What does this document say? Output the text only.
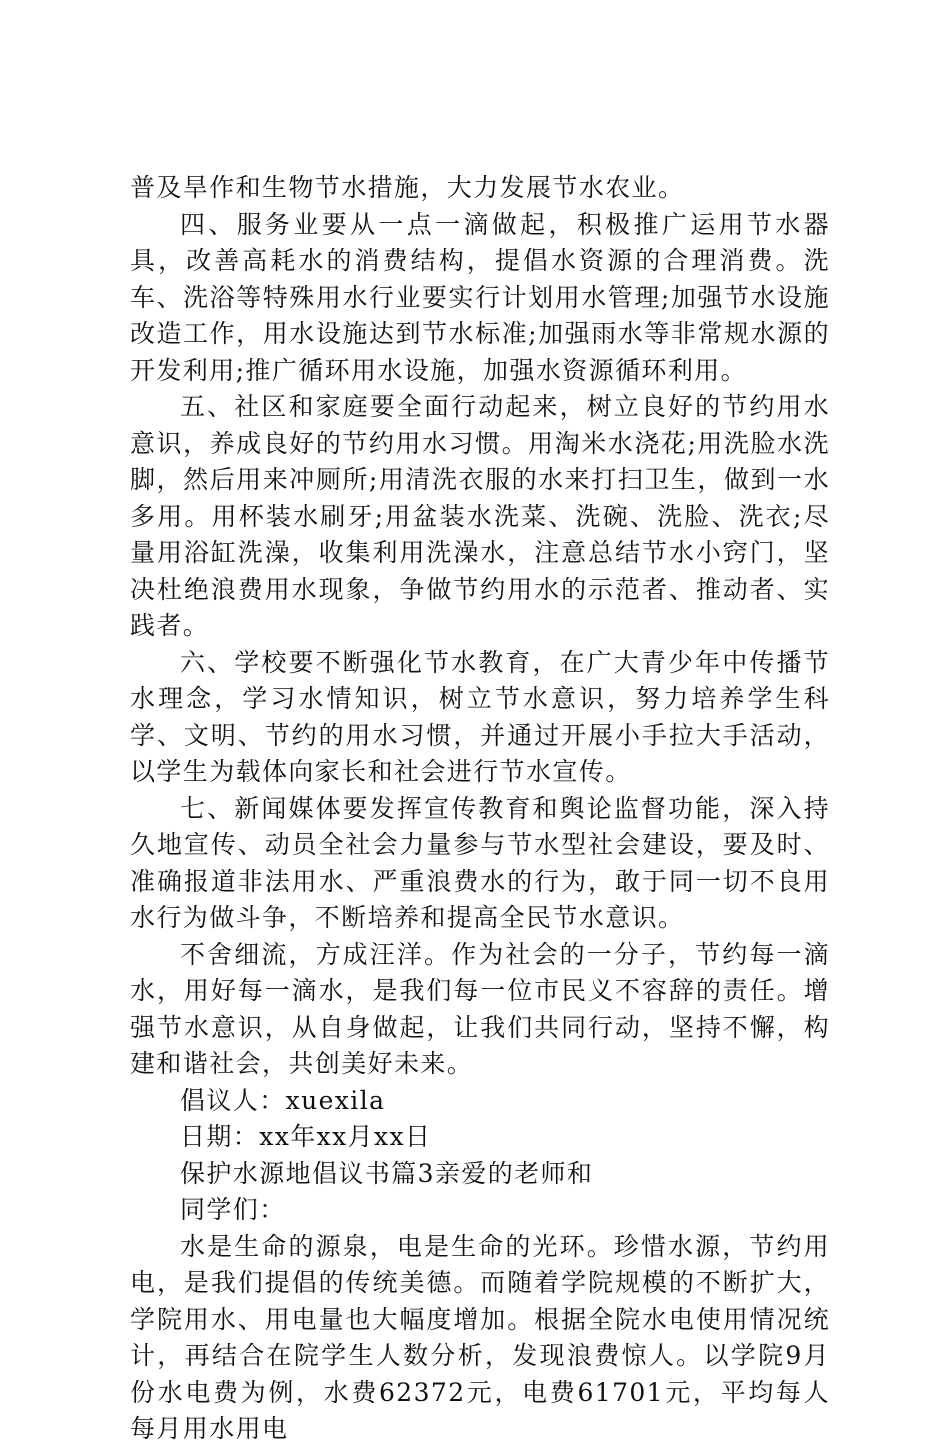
普及旱作和生物节水措施，大力发展节水农业。

四、服务业要从一点一滴做起，积极推广运用节水器具，改善高耗水的消费结构，提倡水资源的合理消费。洗车、洗浴等特殊用水行业要实行计划用水管理;加强节水设施改造工作，用水设施达到节水标准;加强雨水等非常规水源的开发利用;推广循环用水设施，加强水资源循环利用。

五、社区和家庭要全面行动起来，树立良好的节约用水意识，养成良好的节约用水习惯。用淘米水浇花;用洗脸水洗脚，然后用来冲厕所;用清洗衣服的水来打扫卫生，做到一水多用。用杯装水刷牙;用盆装水洗菜、洗碗、洗脸、洗衣;尽量用浴缸洗澡，收集利用洗澡水，注意总结节水小窍门，坚决杜绝浪费用水现象，争做节约用水的示范者、推动者、实践者。

六、学校要不断强化节水教育，在广大青少年中传播节水理念，学习水情知识，树立节水意识，努力培养学生科学、文明、节约的用水习惯，并通过开展小手拉大手活动，以学生为载体向家长和社会进行节水宣传。

七、新闻媒体要发挥宣传教育和舆论监督功能，深入持久地宣传、动员全社会力量参与节水型社会建设，要及时、准确报道非法用水、严重浪费水的行为，敢于同一切不良用水行为做斗争，不断培养和提高全民节水意识。

不舍细流，方成汪洋。作为社会的一分子，节约每一滴水，用好每一滴水，是我们每一位市民义不容辞的责任。增强节水意识，从自身做起，让我们共同行动，坚持不懈，构建和谐社会，共创美好未来。

倡议人：xuexila

日期：xx年xx月xx日

保护水源地倡议书篇3亲爱的老师和

同学们：

水是生命的源泉，电是生命的光环。珍惜水源，节约用电，是我们提倡的传统美德。而随着学院规模的不断扩大，学院用水、用电量也大幅度增加。根据全院水电使用情况统计，再结合在院学生人数分析，发现浪费惊人。以学院9月份水电费为例，水费62372元，电费61701元，平均每人每月用水用电
